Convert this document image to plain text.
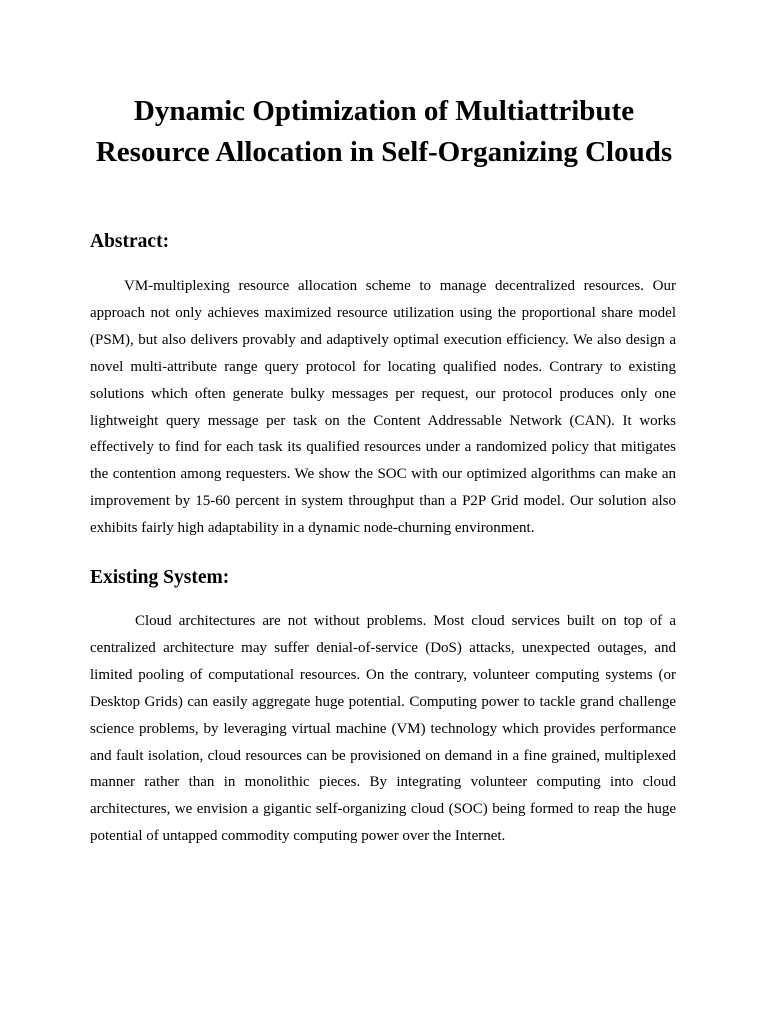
Dynamic Optimization of Multiattribute Resource Allocation in Self-Organizing Clouds
Abstract:

VM-multiplexing resource allocation scheme to manage decentralized resources. Our approach not only achieves maximized resource utilization using the proportional share model (PSM), but also delivers provably and adaptively optimal execution efficiency. We also design a novel multi-attribute range query protocol for locating qualified nodes. Contrary to existing solutions which often generate bulky messages per request, our protocol produces only one lightweight query message per task on the Content Addressable Network (CAN). It works effectively to find for each task its qualified resources under a randomized policy that mitigates the contention among requesters. We show the SOC with our optimized algorithms can make an improvement by 15-60 percent in system throughput than a P2P Grid model. Our solution also exhibits fairly high adaptability in a dynamic node-churning environment.

Existing System:

Cloud architectures are not without problems. Most cloud services built on top of a centralized architecture may suffer denial-of-service (DoS) attacks, unexpected outages, and limited pooling of computational resources. On the contrary, volunteer computing systems (or Desktop Grids) can easily aggregate huge potential. Computing power to tackle grand challenge science problems, by leveraging virtual machine (VM) technology which provides performance and fault isolation, cloud resources can be provisioned on demand in a fine grained, multiplexed manner rather than in monolithic pieces. By integrating volunteer computing into cloud architectures, we envision a gigantic self-organizing cloud (SOC) being formed to reap the huge potential of untapped commodity computing power over the Internet.
